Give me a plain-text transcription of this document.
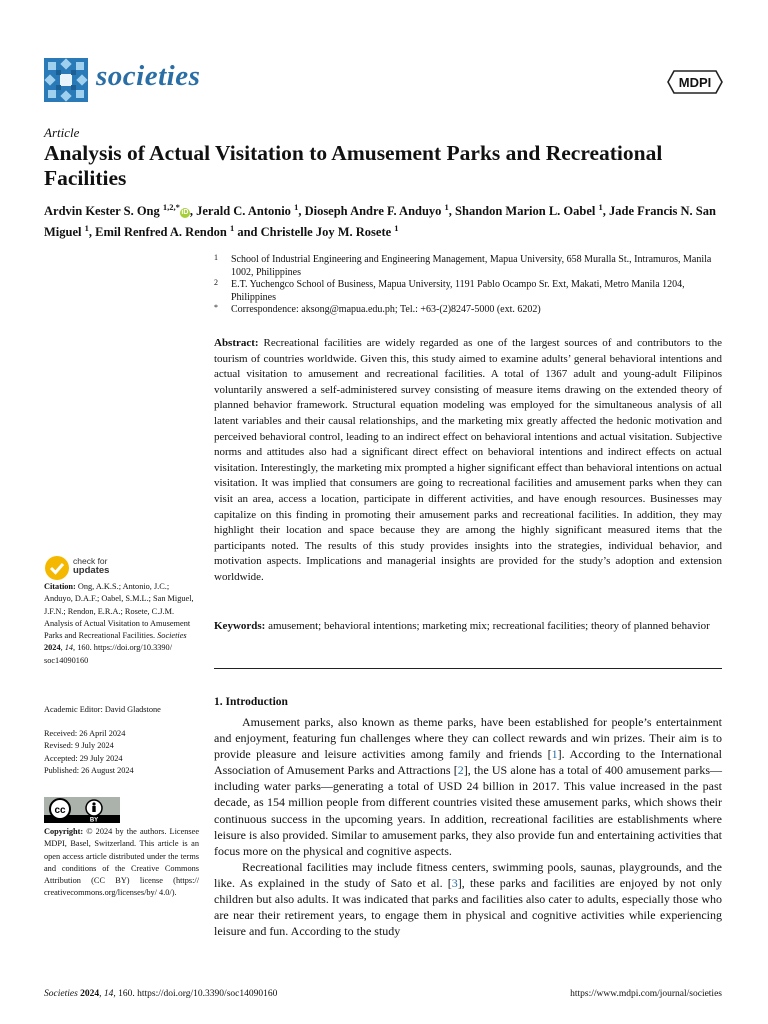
societies	MDPI
Article
Analysis of Actual Visitation to Amusement Parks and Recreational Facilities
Ardvin Kester S. Ong $^{1,2,*}$iD , Jerald C. Antonio $^1$, Dioseph Andre F. Anduyo $^1$, Shandon Marion L. Oabel $^1$, Jade Francis N. San Miguel $^1$, Emil Renfred A. Rendon $^1$ and Christelle Joy M. Rosete $^1$
1 School of Industrial Engineering and Engineering Management, Mapua University, 658 Muralla St., Intramuros, Manila 1002, Philippines
2 E.T. Yuchengco School of Business, Mapua University, 1191 Pablo Ocampo Sr. Ext, Makati, Metro Manila 1204, Philippines
* Correspondence: aksong@mapua.edu.ph; Tel.: +63-(2)8247-5000 (ext. 6202)
Abstract: Recreational facilities are widely regarded as one of the largest sources of and contributors to the tourism of countries worldwide. Given this, this study aimed to examine adults’ general behavioral intentions and actual visitation to amusement and recreational facilities. A total of 1367 adult and young-adult Filipinos voluntarily answered a self-administered survey consisting of measure items drawing on the extended theory of planned behavior framework. Structural equation modeling was employed for the simultaneous analysis of all latent variables and their causal relationships, and the marketing mix greatly affected the hedonic motivation and perceived behavioral control, leading to an indirect effect on behavioral intentions and actual visitation. Subjective norms and attitudes also had a significant direct effect on behavioral intentions and indirect effects on actual visitation. Interestingly, the marketing mix prompted a higher significant effect than behavioral intentions on actual visitation. It was implied that consumers are going to recreational facilities and amusement parks when they can visit an area, access a location, participate in different activities, and have enough resources. Businesses may capitalize on this finding in promoting their amusement parks and recreational facilities. In addition, they may highlight their location and space because they are among the highly significant measured items that the participants noted. The results of this study provides insights into the strategies, individual behavior, and motivation aspects. Implications and managerial insights are provided for the study’s adoption and extension worldwide.
Keywords: amusement; behavioral intentions; marketing mix; recreational facilities; theory of planned behavior
check for
updates
Citation: Ong, A.K.S.; Antonio, J.C.; Anduyo, D.A.F.; Oabel, S.M.L.; San Miguel, J.F.N.; Rendon, E.R.A.; Rosete, C.J.M. Analysis of Actual Visitation to Amusement Parks and Recreational Facilities. Societies 2024, 14, 160. https://doi.org/10.3390/ soc14090160
Academic Editor: David Gladstone
Received: 26 April 2024
Revised: 9 July 2024
Accepted: 29 July 2024
Published: 26 August 2024
cc
BY
Copyright: © 2024 by the authors. Licensee MDPI, Basel, Switzerland. This article is an open access article distributed under the terms and conditions of the Creative Commons Attribution (CC BY) license (https:// creativecommons.org/licenses/by/ 4.0/).
1. Introduction

Amusement parks, also known as theme parks, have been established for people’s entertainment and enjoyment, featuring fun challenges where they can collect rewards and win prizes. Their aim is to provide pleasure and leisure activities among family and friends [1]. According to the International Association of Amusement Parks and Attractions [2], the US alone has a total of 400 amusement parks—including water parks—generating a total of USD 24 billion in 2017. This value increased in the past decade, as 154 million people from different countries visited these amusement parks, which shows their continuous success in the upcoming years. In addition, recreational facilities are establishments where leisure is also provided. Similar to amusement parks, they also provide fun and entertaining activities that focus more on the physical and cognitive aspects.

Recreational facilities may include fitness centers, swimming pools, saunas, playgrounds, and the like. As explained in the study of Sato et al. [3], these parks and facilities are enjoyed by not only children but also adults. It was indicated that parks and facilities also cater to adults, especially those who are near their retirement years, to engage them in physical and cognitive activities while experiencing leisure and fun. According to the study

Societies 2024, 14, 160. https://doi.org/10.3390/soc14090160	https://www.mdpi.com/journal/societies
